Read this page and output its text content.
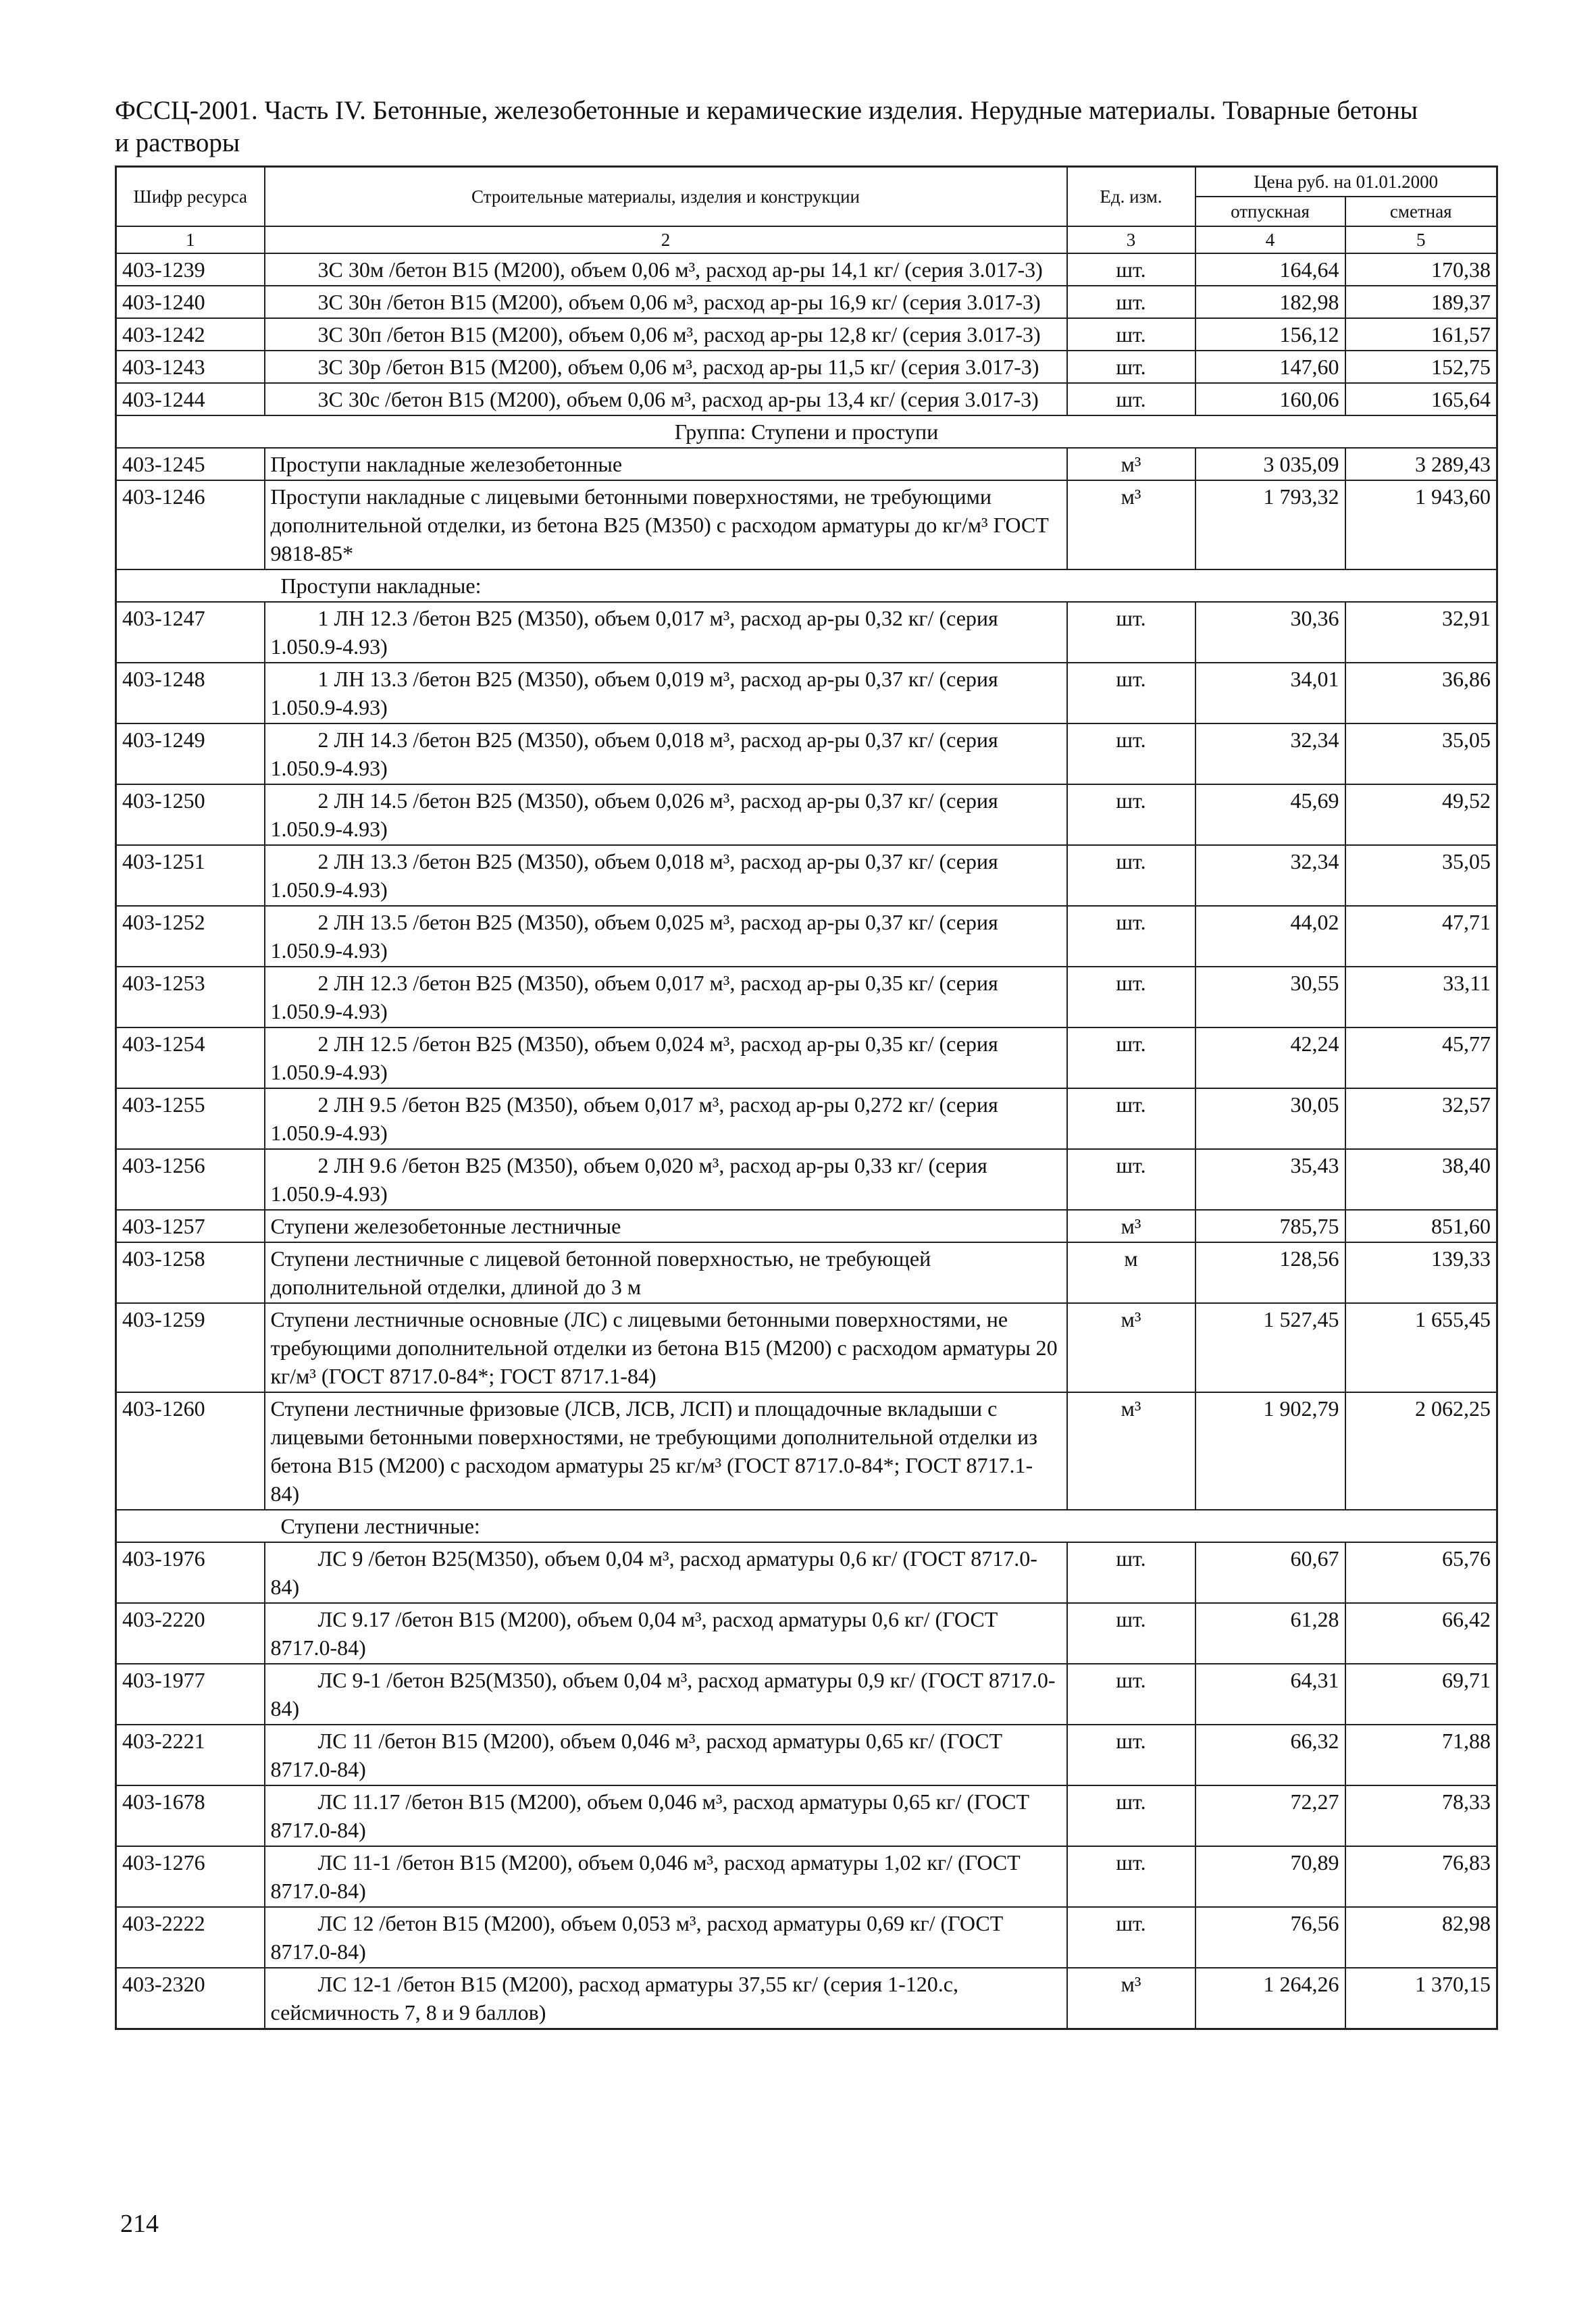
ФССЦ-2001. Часть IV. Бетонные, железобетонные и керамические изделия. Нерудные материалы. Товарные бетоны
и растворы
Шифр ресурса	Строительные материалы, изделия и конструкции	Ед. изм.	Цена руб. на 01.01.2000	
			отпускная	сметная
1	2	3	4	5
403-1239	3С 30м /бетон В15 (М200), объем 0,06 м³, расход ар-ры 14,1 кг/ (серия 3.017-3)	шт.	164,64	170,38
403-1240	3С 30н /бетон В15 (М200), объем 0,06 м³, расход ар-ры 16,9 кг/ (серия 3.017-3)	шт.	182,98	189,37
403-1242	3С 30п /бетон В15 (М200), объем 0,06 м³, расход ар-ры 12,8 кг/ (серия 3.017-3)	шт.	156,12	161,57
403-1243	3С 30р /бетон В15 (М200), объем 0,06 м³, расход ар-ры 11,5 кг/ (серия 3.017-3)	шт.	147,60	152,75
403-1244	3С 30с /бетон В15 (М200), объем 0,06 м³, расход ар-ры 13,4 кг/ (серия 3.017-3)	шт.	160,06	165,64
Группа: Ступени и проступи				
403-1245	Проступи накладные железобетонные	м³	3 035,09	3 289,43
403-1246	Проступи накладные с лицевыми бетонными поверхностями, не требующими дополнительной отделки, из бетона В25 (М350) с расходом арматуры до кг/м³ ГОСТ 9818-85*	м³	1 793,32	1 943,60
	Проступи накладные:			
403-1247	1 ЛН 12.3 /бетон В25 (М350), объем 0,017 м³, расход ар-ры 0,32 кг/ (серия 1.050.9-4.93)	шт.	30,36	32,91
403-1248	1 ЛН 13.3 /бетон В25 (М350), объем 0,019 м³, расход ар-ры 0,37 кг/ (серия 1.050.9-4.93)	шт.	34,01	36,86
403-1249	2 ЛН 14.3 /бетон В25 (М350), объем 0,018 м³, расход ар-ры 0,37 кг/ (серия 1.050.9-4.93)	шт.	32,34	35,05
403-1250	2 ЛН 14.5 /бетон В25 (М350), объем 0,026 м³, расход ар-ры 0,37 кг/ (серия 1.050.9-4.93)	шт.	45,69	49,52
403-1251	2 ЛН 13.3 /бетон В25 (М350), объем 0,018 м³, расход ар-ры 0,37 кг/ (серия 1.050.9-4.93)	шт.	32,34	35,05
403-1252	2 ЛН 13.5 /бетон В25 (М350), объем 0,025 м³, расход ар-ры 0,37 кг/ (серия 1.050.9-4.93)	шт.	44,02	47,71
403-1253	2 ЛН 12.3 /бетон В25 (М350), объем 0,017 м³, расход ар-ры 0,35 кг/ (серия 1.050.9-4.93)	шт.	30,55	33,11
403-1254	2 ЛН 12.5 /бетон В25 (М350), объем 0,024 м³, расход ар-ры 0,35 кг/ (серия 1.050.9-4.93)	шт.	42,24	45,77
403-1255	2 ЛН 9.5 /бетон В25 (М350), объем 0,017 м³, расход ар-ры 0,272 кг/ (серия 1.050.9-4.93)	шт.	30,05	32,57
403-1256	2 ЛН 9.6 /бетон В25 (М350), объем 0,020 м³, расход ар-ры 0,33 кг/ (серия 1.050.9-4.93)	шт.	35,43	38,40
403-1257	Ступени железобетонные лестничные	м³	785,75	851,60
403-1258	Ступени лестничные с лицевой бетонной поверхностью, не требующей дополнительной отделки, длиной до 3 м	м	128,56	139,33
403-1259	Ступени лестничные основные (ЛС) с лицевыми бетонными поверхностями, не требующими дополнительной отделки из бетона В15 (М200) с расходом арматуры 20 кг/м³ (ГОСТ 8717.0-84*; ГОСТ 8717.1-84)	м³	1 527,45	1 655,45
403-1260	Ступени лестничные фризовые (ЛСВ, ЛСВ, ЛСП) и площадочные вкладыши с лицевыми бетонными поверхностями, не требующими дополнительной отделки из бетона В15 (М200) с расходом арматуры 25 кг/м³ (ГОСТ 8717.0-84*; ГОСТ 8717.1-84)	м³	1 902,79	2 062,25
	Ступени лестничные:			
403-1976	ЛС 9 /бетон В25(М350), объем 0,04 м³, расход арматуры 0,6 кг/ (ГОСТ 8717.0-84)	шт.	60,67	65,76
403-2220	ЛС 9.17 /бетон В15 (М200), объем 0,04 м³, расход арматуры 0,6 кг/ (ГОСТ 8717.0-84)	шт.	61,28	66,42
403-1977	ЛС 9-1 /бетон В25(М350), объем 0,04 м³, расход арматуры 0,9 кг/ (ГОСТ 8717.0-84)	шт.	64,31	69,71
403-2221	ЛС 11 /бетон В15 (М200), объем 0,046 м³, расход арматуры 0,65 кг/ (ГОСТ 8717.0-84)	шт.	66,32	71,88
403-1678	ЛС 11.17 /бетон В15 (М200), объем 0,046 м³, расход арматуры 0,65 кг/ (ГОСТ 8717.0-84)	шт.	72,27	78,33
403-1276	ЛС 11-1 /бетон В15 (М200), объем 0,046 м³, расход арматуры 1,02 кг/ (ГОСТ 8717.0-84)	шт.	70,89	76,83
403-2222	ЛС 12 /бетон В15 (М200), объем 0,053 м³, расход арматуры 0,69 кг/ (ГОСТ 8717.0-84)	шт.	76,56	82,98
403-2320	ЛС 12-1 /бетон В15 (М200), расход арматуры 37,55 кг/ (серия 1-120.с, сейсмичность 7, 8 и 9 баллов)	м³	1 264,26	1 370,15
214
